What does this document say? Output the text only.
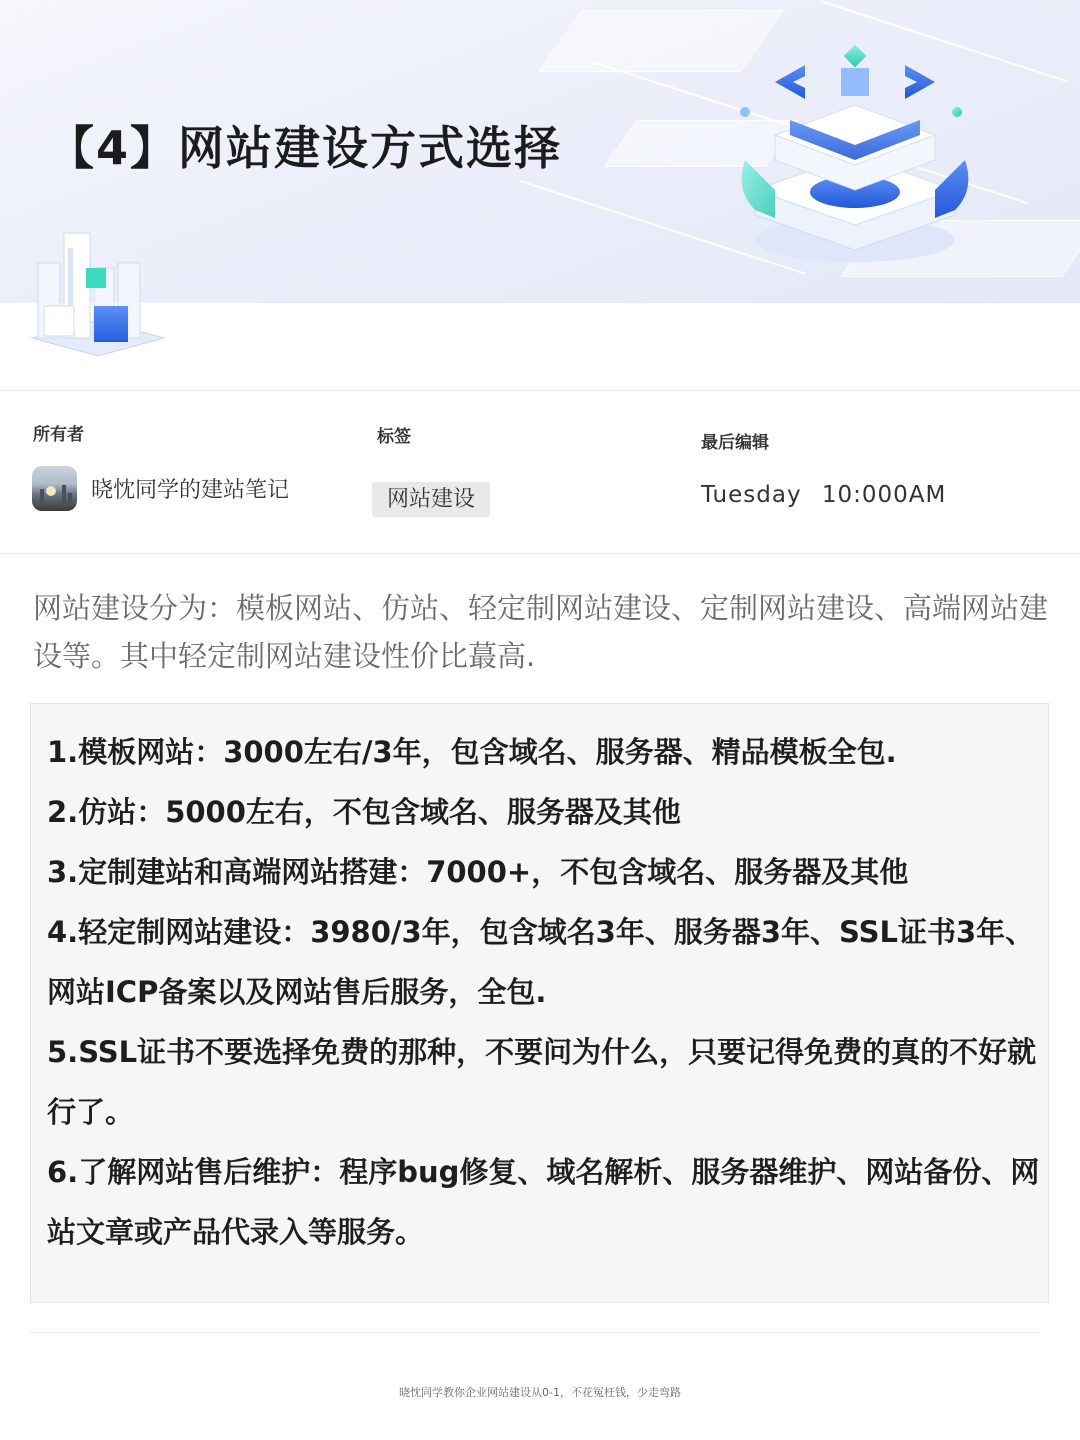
【4】网站建设方式选择
所有者	标签	最后编辑
晓忱同学的建站笔记	网站建设	Tuesday 10:000AM

网站建设分为：模板网站、仿站、轻定制网站建设、定制网站建设、高端网站建设等。其中轻定制网站建设性价比蕞高.

1.模板网站：3000左右/3年，包含域名、服务器、精品模板全包.
2.仿站：5000左右，不包含域名、服务器及其他
3.定制建站和高端网站搭建：7000+，不包含域名、服务器及其他
4.轻定制网站建设：3980/3年，包含域名3年、服务器3年、SSL证书3年、网站ICP备案以及网站售后服务，全包.
5.SSL证书不要选择免费的那种，不要问为什么，只要记得免费的真的不好就行了。
6.了解网站售后维护：程序bug修复、域名解析、服务器维护、网站备份、网站文章或产品代录入等服务。
晓忱同学教你企业网站建设从0-1，不花冤枉钱，少走弯路
